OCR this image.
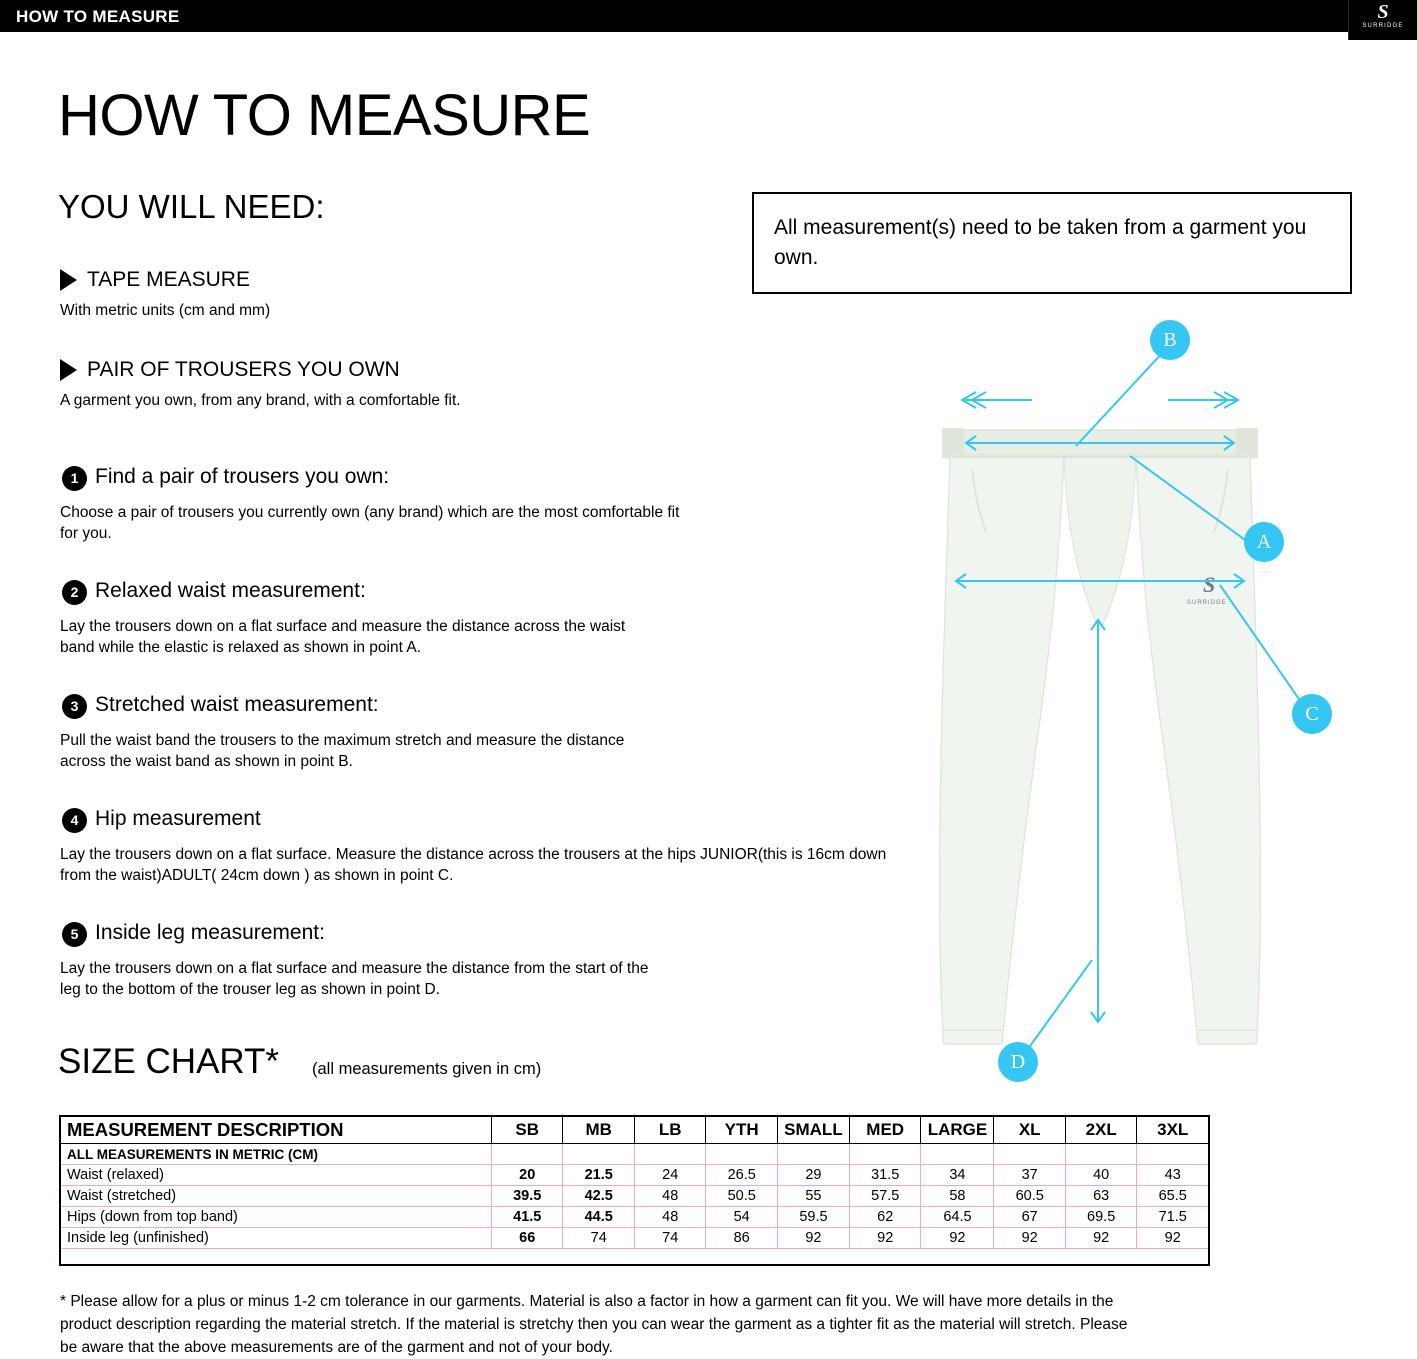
HOW TO MEASURE	S
SURRIDGE
HOW TO MEASURE
YOU WILL NEED:
TAPE MEASURE
With metric units (cm and mm)
PAIR OF TROUSERS YOU OWN
A garment you own, from any brand, with a comfortable fit.
1 Find a pair of trousers you own:
Choose a pair of trousers you currently own (any brand) which are the most comfortable fit for you.
2 Relaxed waist measurement:
Lay the trousers down on a flat surface and measure the distance across the waist band while the elastic is relaxed as shown in point A.
3 Stretched waist measurement:
Pull the waist band the trousers to the maximum stretch and measure the distance across the waist band as shown in point B.
4 Hip measurement
Lay the trousers down on a flat surface. Measure the distance across the trousers at the hips JUNIOR(this is 16cm down from the waist)ADULT( 24cm down ) as shown in point C.
5 Inside leg measurement:
Lay the trousers down on a flat surface and measure the distance from the start of the leg to the bottom of the trouser leg as shown in point D.
All measurement(s) need to be taken from a garment you own.
S
SURRIDGE
B
A
C
D
SIZE CHART* (all measurements given in cm)
MEASUREMENT DESCRIPTION	SB	MB	LB	YTH	SMALL	MED	LARGE	XL	2XL	3XL
ALL MEASUREMENTS IN METRIC (CM)										
Waist (relaxed)	20	21.5	24	26.5	29	31.5	34	37	40	43
Waist (stretched)	39.5	42.5	48	50.5	55	57.5	58	60.5	63	65.5
Hips (down from top band)	41.5	44.5	48	54	59.5	62	64.5	67	69.5	71.5
Inside leg (unfinished)	66	74	74	86	92	92	92	92	92	92
* Please allow for a plus or minus 1-2 cm tolerance in our garments. Material is also a factor in how a garment can fit you. We will have more details in the product description regarding the material stretch. If the material is stretchy then you can wear the garment as a tighter fit as the material will stretch. Please be aware that the above measurements are of the garment and not of your body.
